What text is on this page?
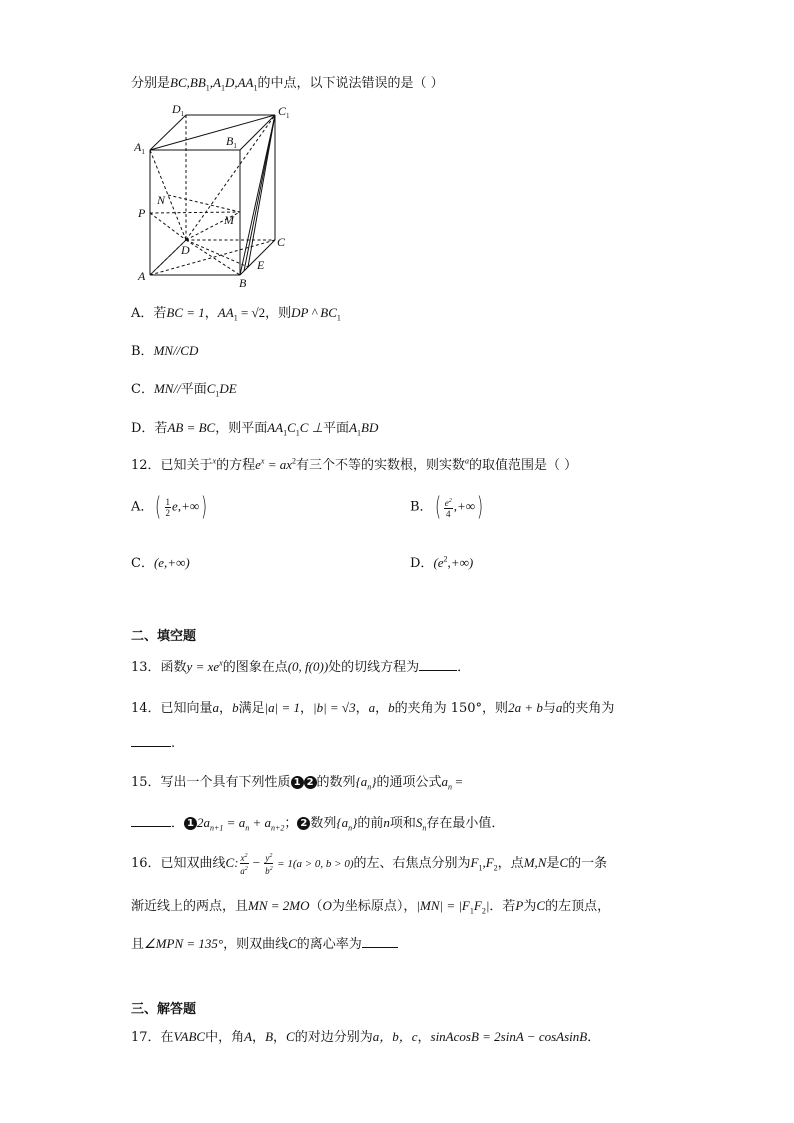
分别是$BC,BB_1,A_1D,AA_1$的中点，以下说法错误的是（ ）
$D_1$	$C_1$
$A_1$
$B_1$
N
P	M
D
C
A
E
B
A．若BC = 1，$AA_1 = √2$，则DP ^ $BC_1$
B．MN//CD
C．MN//平面$C_1DE$
D．若AB = BC，则平面$AA_1C_1C$ ⊥平面$A_1BD$
12．已知关于$^x$的方程$e^x = ax^2$有三个不等的实数根，则实数$^a$的取值范围是（ ）
A．( $\frac{1}{2} e,+\infty$)	B．( $\frac{e^2}{4}$ ,+∞)
C．(e,+∞)	D．$(e^2,+\infty)$
二、填空题
13．函数$y = xe^x$的图象在点(0, f(0))处的切线方程为	．
14．已知向量a，b满足|a| = 1，|b| = √3，a，b的夹角为 150°，则2a + b与a的夹角为
.
15．写出一个具有下列性质 1 2 的数列$\{a_n\}$的通项公式$a_n$ =
． 1 $2a_{n+1} = a_n + a_{n+2}$； 2 数列$\{a_n\}$的前n项和$S_n$存在最小值．
16．已知双曲线C: $\frac{x^2}{a^2} - \frac{y^2}{b^2} = 1(a > 0$, b > 0)的左、右焦点分别为$F_1,F_2$，点M,N是C的一条
渐近线上的两点，且MN = 2MO（O为坐标原点），$|MN| = |F_1F_2|$．若P为C的左顶点，
且∠MPN = 135°，则双曲线C的离心率为
三、解答题
17．在VABC中，角A，B，C的对边分别为a，b，c，sinAcosB = 2sinA − cosAsinB．
